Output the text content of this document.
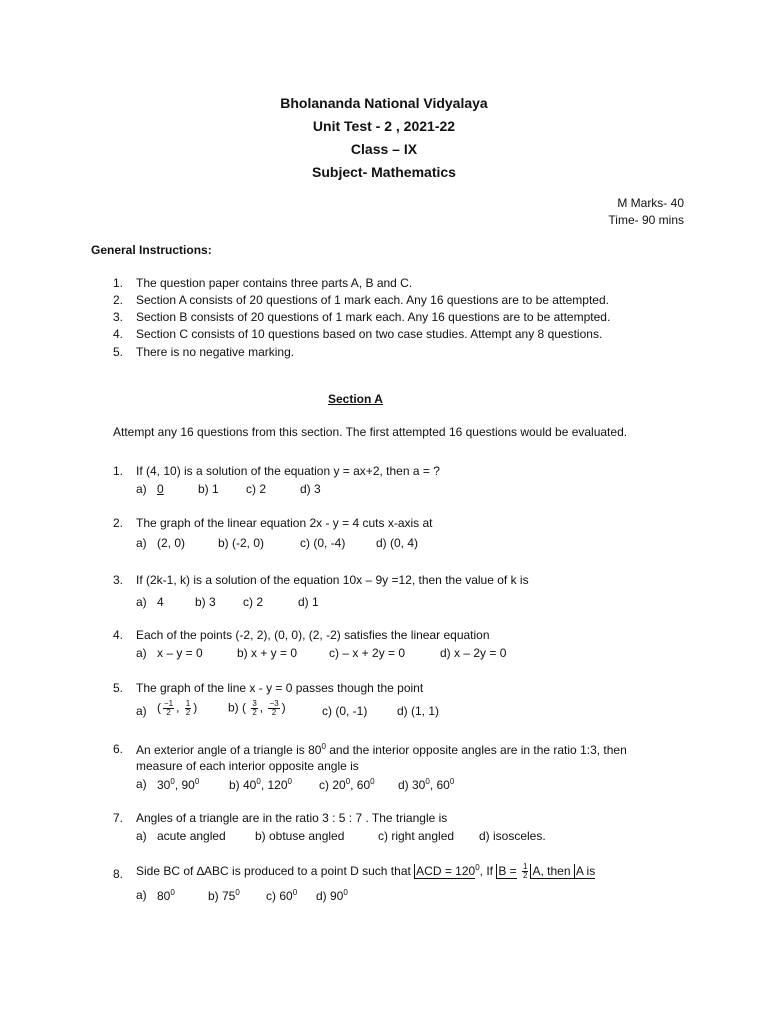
Bholananda National Vidyalaya
Unit Test - 2 , 2021-22
Class – IX
Subject- Mathematics
M Marks- 40
Time- 90 mins
General Instructions:
1. The question paper contains three parts A, B and C.
2. Section A consists of 20 questions of 1 mark each. Any 16 questions are to be attempted.
3. Section B consists of 20 questions of 1 mark each. Any 16 questions are to be attempted.
4. Section C consists of 10 questions based on two case studies. Attempt any 8 questions.
5. There is no negative marking.
Section A
Attempt any 16 questions from this section. The first attempted 16 questions would be evaluated.
1. If (4, 10) is a solution of the equation y = ax+2, then a = ?
a) 0	b) 1 c) 2	d) 3
2. The graph of the linear equation 2x - y = 4 cuts x-axis at
a) (2, 0)	b) (-2, 0)	c) (0, -4)	d) (0, 4)
3. If (2k-1, k) is a solution of the equation 10x – 9y =12, then the value of k is
a) 4	b) 3 c) 2	d) 1
4. Each of the points (-2, 2), (0, 0), (2, -2) satisfies the linear equation
a) x – y = 0	b) x + y = 0	c) – x + 2y = 0	d) x – 2y = 0
5. The graph of the line x - y = 0 passes though the point
a) ( $\frac{-1}{2}$ , $\frac{1}{2}$ )	b) ( $\frac{3}{2}$ , $\frac{-3}{2}$ )	c) (0, -1) d) (1, 1)
6. An exterior angle of a triangle is $80^0$ and the interior opposite angles are in the ratio 1:3, then
measure of each interior opposite angle is
a) $30^0$, $90^0$ b) $40^0$, $120^0$ c) $20^0$, $60^0$ d) $30^0$, $60^0$
7. Angles of a triangle are in the ratio 3 : 5 : 7 . The triangle is
a) acute angled b) obtuse angled	c) right angled d) isosceles.
8. Side BC of ∆ABC is produced to a point D such that ACD = $120^0$, If $B = \frac{1}{2} A$, then A is
a) $80^0$	b) $75^0$ c) $60^0$ d) $90^0$
